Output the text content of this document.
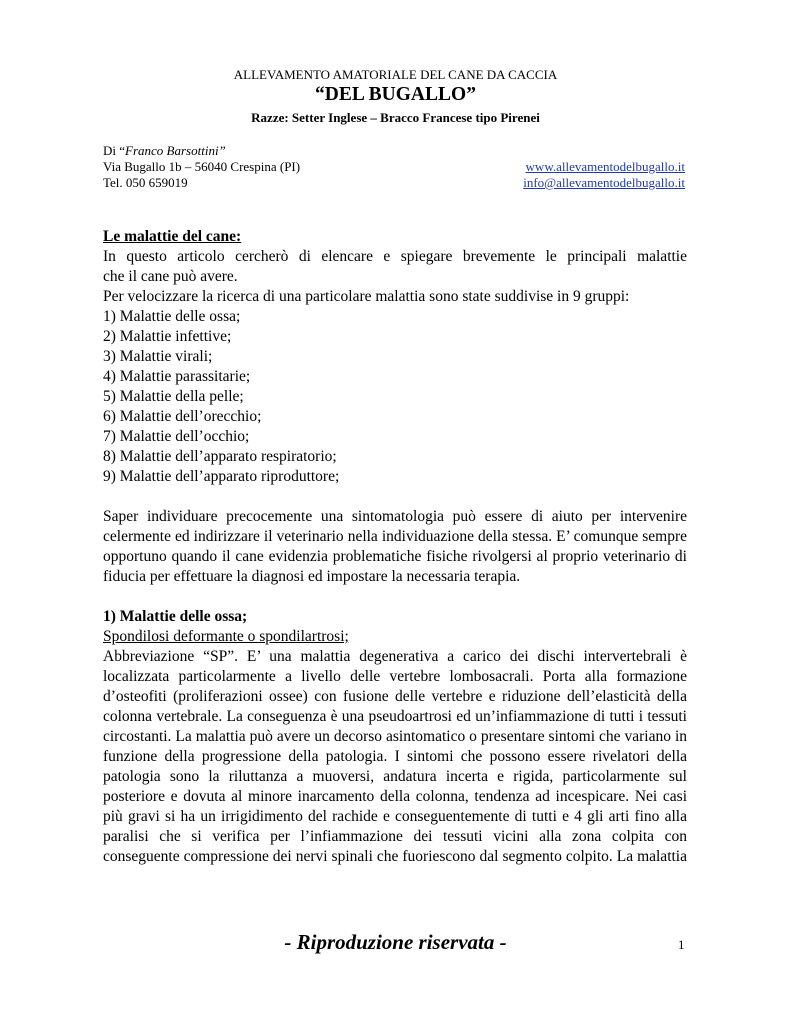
ALLEVAMENTO AMATORIALE DEL CANE DA CACCIA
“DEL BUGALLO”
Razze: Setter Inglese – Bracco Francese tipo Pirenei
Di “Franco Barsottini”
Via Bugallo 1b – 56040 Crespina (PI)	www.allevamentodelbugallo.it
Tel. 050 659019	info@allevamentodelbugallo.it

Le malattie del cane:

In questo articolo cercherò di elencare e spiegare brevemente le principali malattie

che il cane può avere.

Per velocizzare la ricerca di una particolare malattia sono state suddivise in 9 gruppi:

1) Malattie delle ossa;

2) Malattie infettive;

3) Malattie virali;

4) Malattie parassitarie;

5) Malattie della pelle;

6) Malattie dell’orecchio;

7) Malattie dell’occhio;

8) Malattie dell’apparato respiratorio;

9) Malattie dell’apparato riproduttore;

Saper individuare precocemente una sintomatologia può essere di aiuto per intervenire celermente ed indirizzare il veterinario nella individuazione della stessa. E’ comunque sempre opportuno quando il cane evidenzia problematiche fisiche rivolgersi al proprio veterinario di fiducia per effettuare la diagnosi ed impostare la necessaria terapia.

1) Malattie delle ossa;

Spondilosi deformante o spondilartrosi;

Abbreviazione “SP”. E’ una malattia degenerativa a carico dei dischi intervertebrali è localizzata particolarmente a livello delle vertebre lombosacrali. Porta alla formazione d’osteofiti (proliferazioni ossee) con fusione delle vertebre e riduzione dell’elasticità della colonna vertebrale. La conseguenza è una pseudoartrosi ed un’infiammazione di tutti i tessuti circostanti. La malattia può avere un decorso asintomatico o presentare sintomi che variano in funzione della progressione della patologia. I sintomi che possono essere rivelatori della patologia sono la riluttanza a muoversi, andatura incerta e rigida, particolarmente sul posteriore e dovuta al minore inarcamento della colonna, tendenza ad incespicare. Nei casi più gravi si ha un irrigidimento del rachide e conseguentemente di tutti e 4 gli arti fino alla paralisi che si verifica per l’infiammazione dei tessuti vicini alla zona colpita con conseguente compressione dei nervi spinali che fuoriescono dal segmento colpito. La malattia

- Riproduzione riservata -	1
